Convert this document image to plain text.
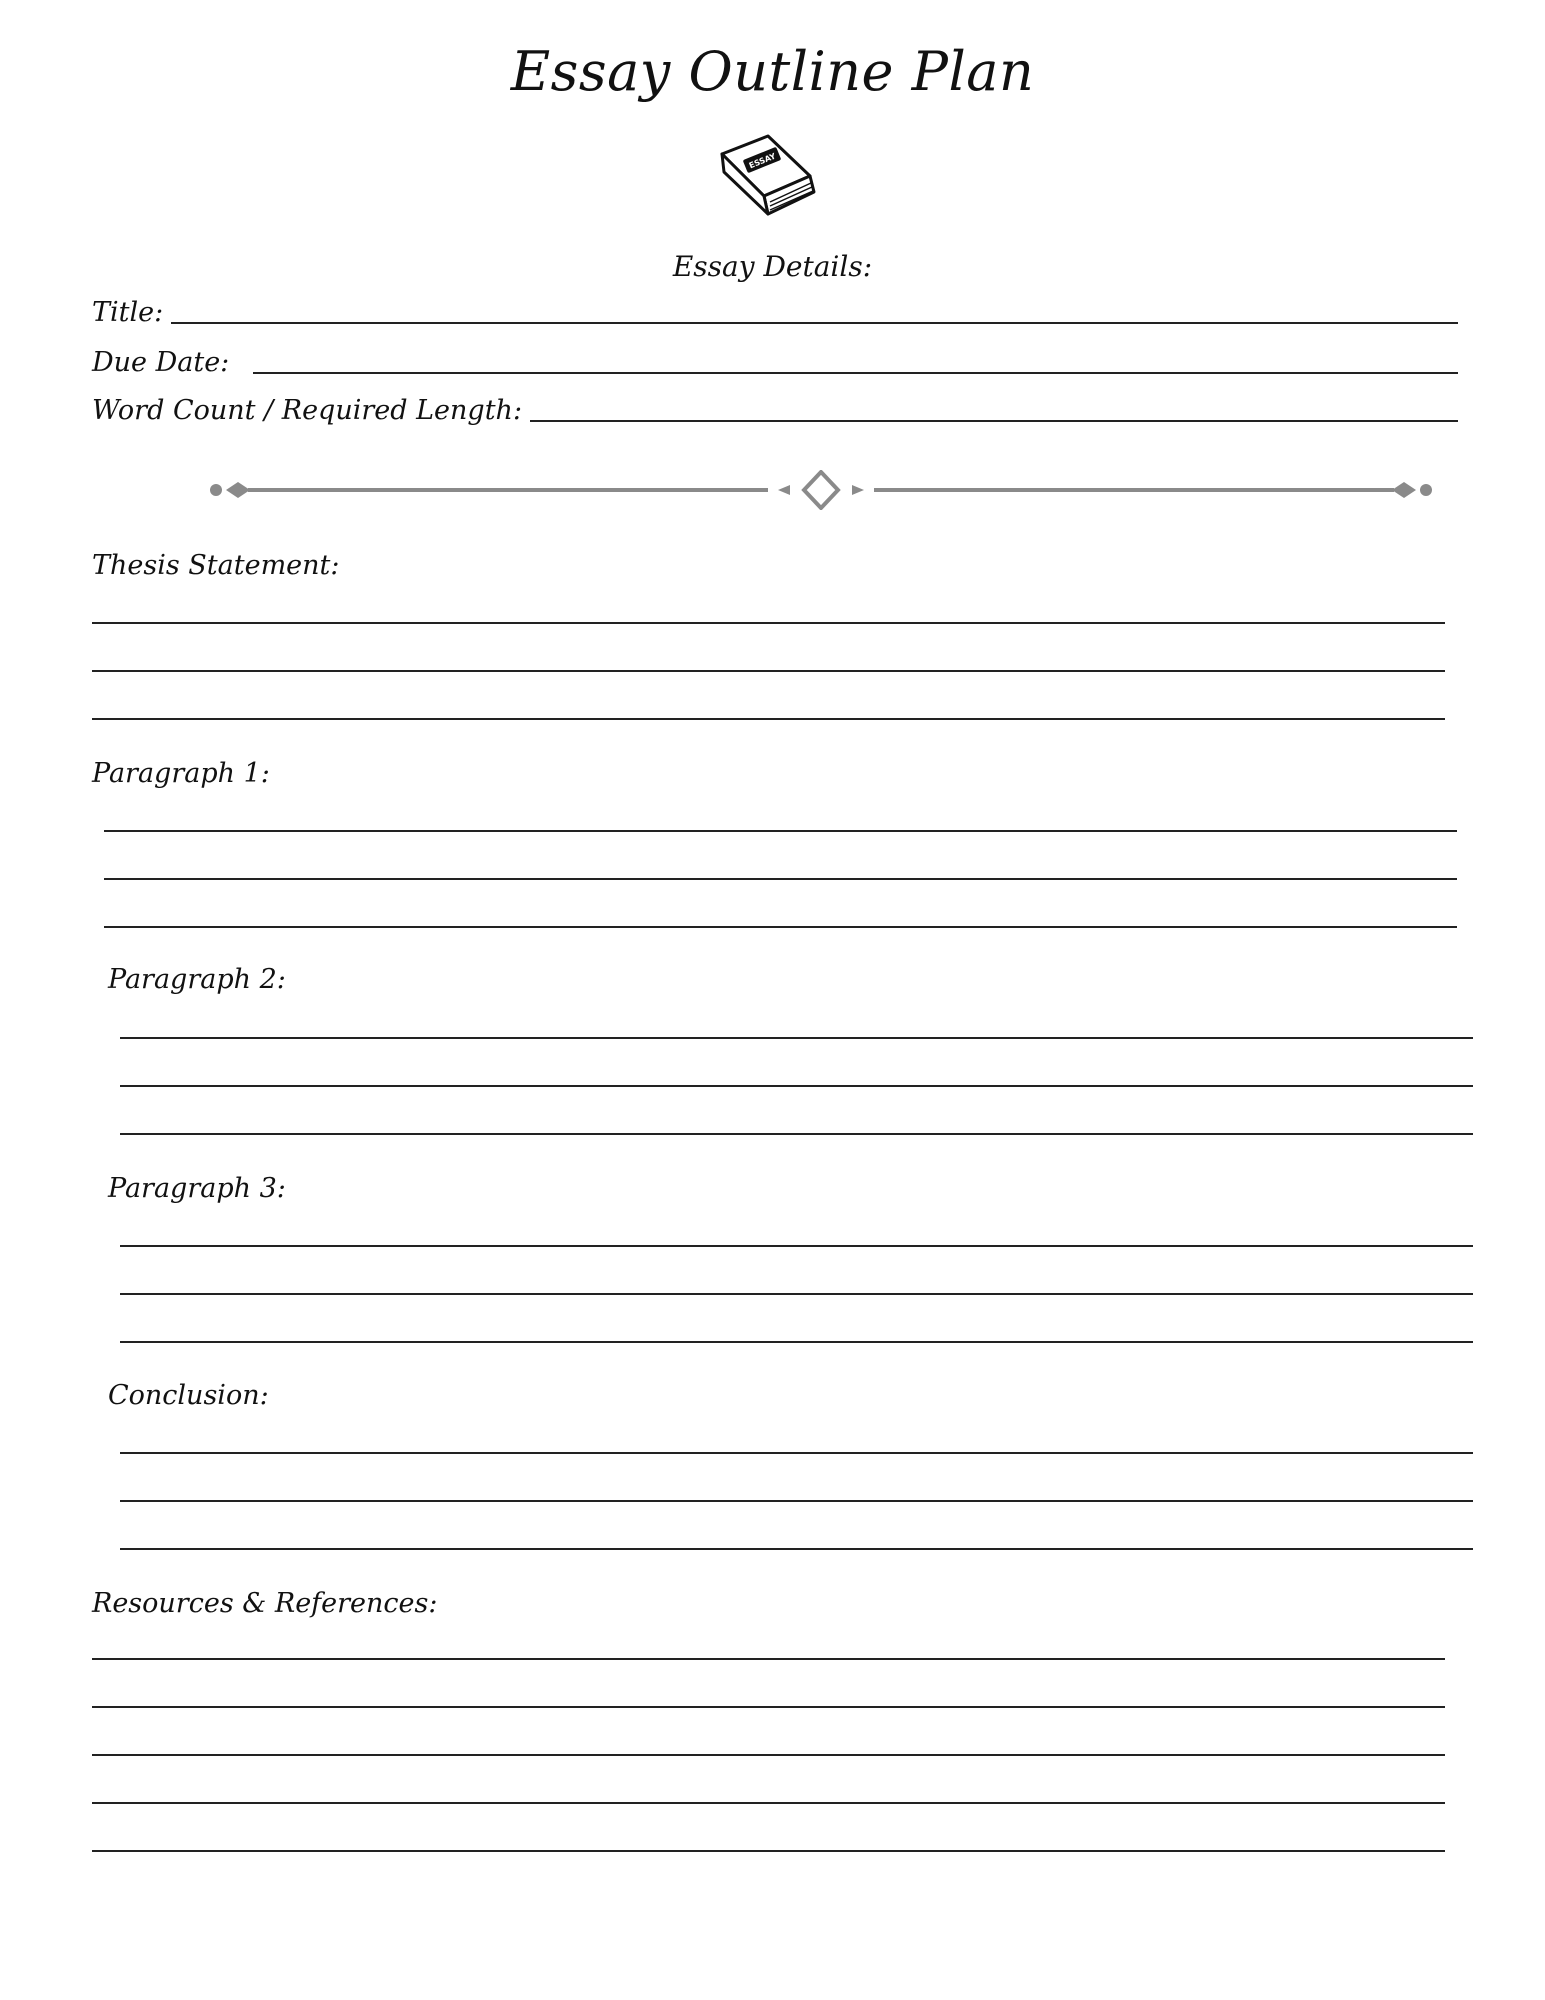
Essay Outline Plan
ESSAY
Essay Details:
Title:
Due Date:
Word Count / Required Length:
Thesis Statement:
Paragraph 1:
Paragraph 2:
Paragraph 3:
Conclusion:
Resources & References:
